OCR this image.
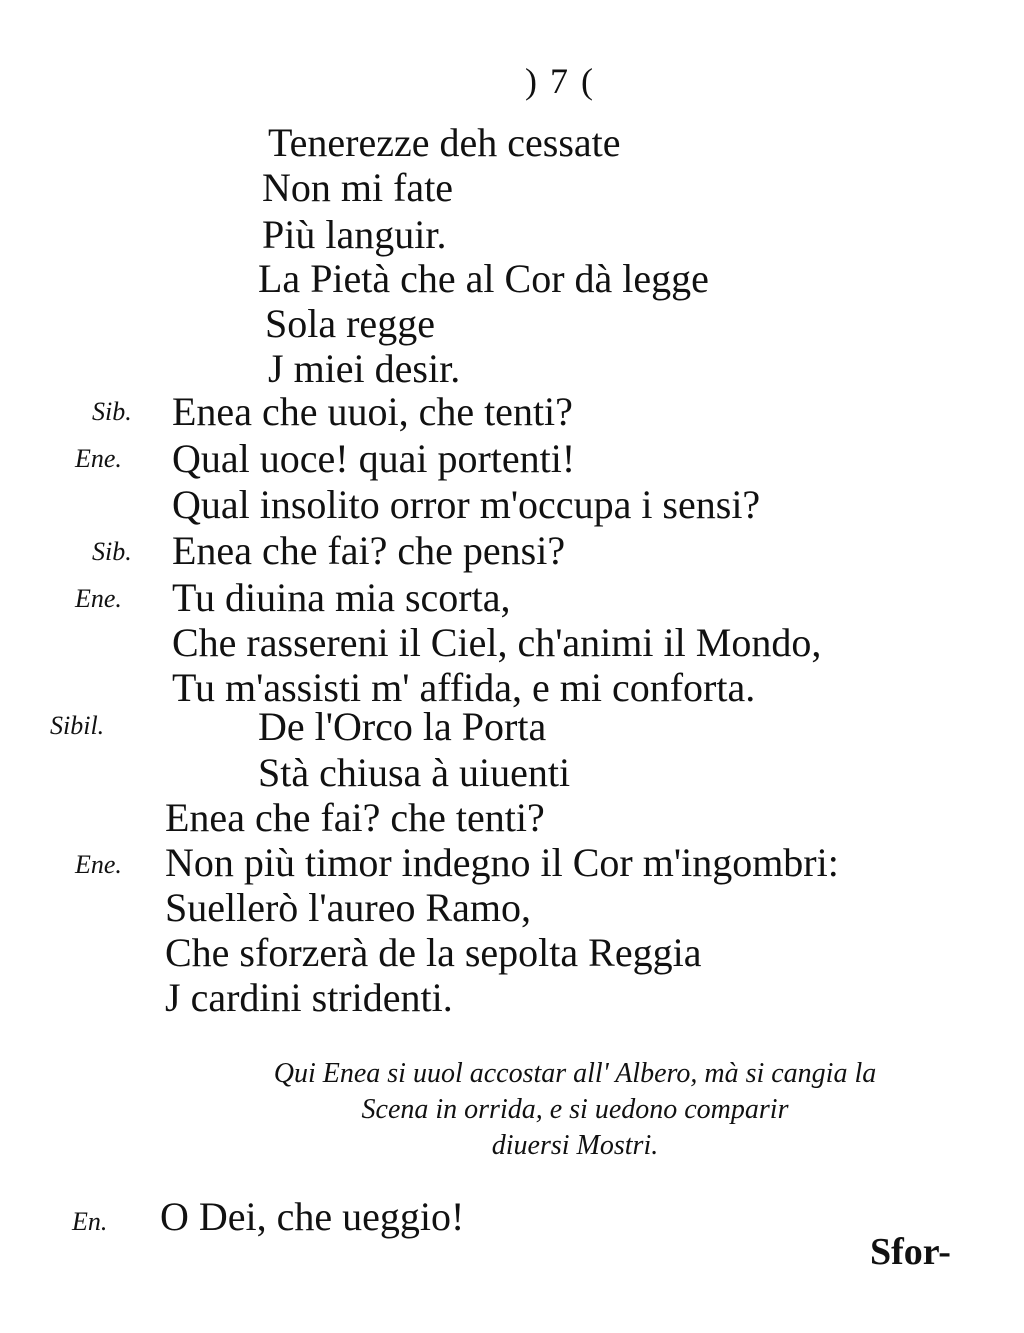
) 7 (
Tenerezze deh cessate
Non mi fate
Più languir.
La Pietà che al Cor dà legge
Sola regge
J miei desir.
Sib. Enea che uuoi, che tenti?
Ene. Qual uoce! quai portenti!
Qual insolito orror m'occupa i sensi?
Sib. Enea che fai? che pensi?
Ene. Tu diuina mia scorta,
Che rassereni il Ciel, ch'animi il Mondo,
Tu m'assisti m' affida, e mi conforta.
Sibil.	De l'Orco la Porta
Stà chiusa à uiuenti
Enea che fai? che tenti?
Ene. Non più timor indegno il Cor m'ingombri:
Suellerò l'aureo Ramo,
Che sforzerà de la sepolta Reggia
J cardini stridenti.
Qui Enea si uuol accostar all' Albero, mà si cangia la
Scena in orrida, e si uedono comparir
diuersi Mostri.
En. O Dei, che ueggio!
Sfor-
